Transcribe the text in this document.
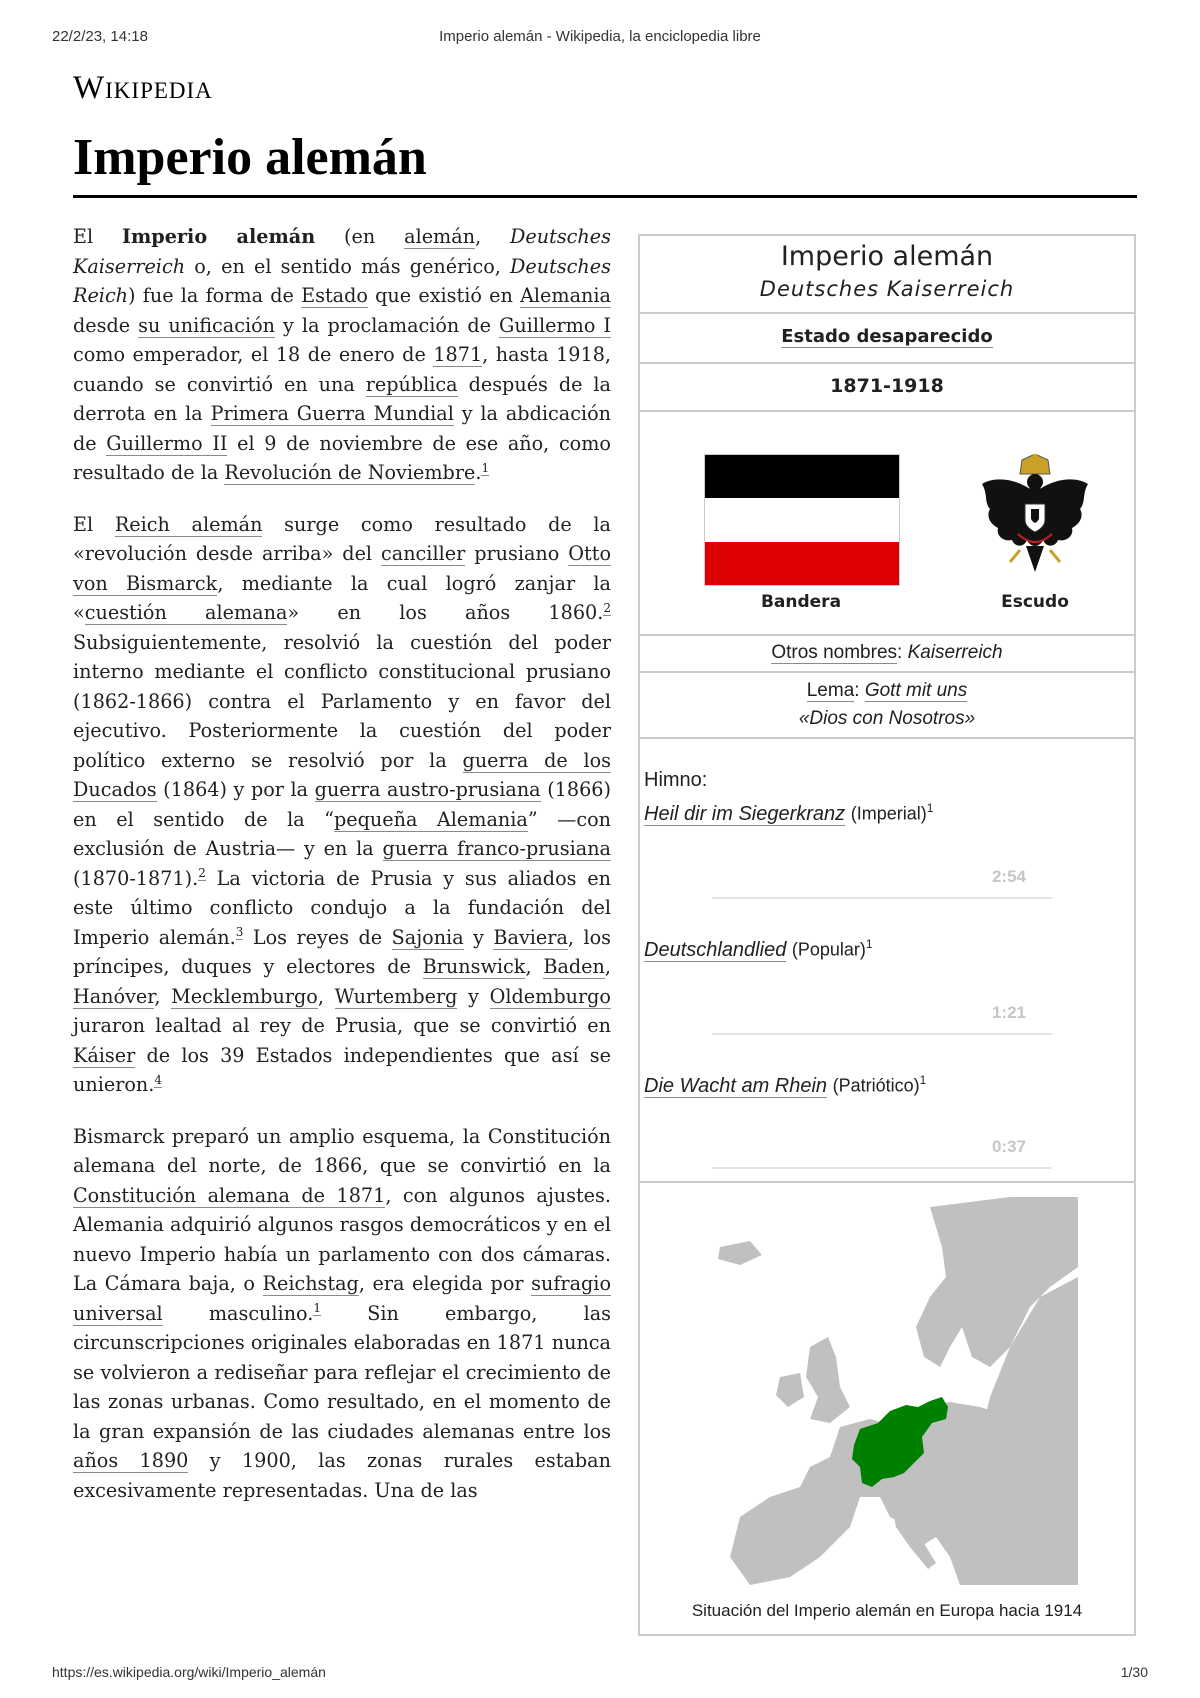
22/2/23, 14:18	Imperio alemán - Wikipedia, la enciclopedia libre
Wikipedia
Imperio alemán

El Imperio alemán (en alemán, Deutsches Kaiserreich o, en el sentido más genérico, Deutsches Reich) fue la forma de Estado que existió en Alemania desde su unificación y la proclamación de Guillermo I como emperador, el 18 de enero de 1871, hasta 1918, cuando se convirtió en una república después de la derrota en la Primera Guerra Mundial y la abdicación de Guillermo II el 9 de noviembre de ese año, como resultado de la Revolución de Noviembre.$^1$

El Reich alemán surge como resultado de la «revolución desde arriba» del canciller prusiano Otto von Bismarck, mediante la cual logró zanjar la «cuestión alemana» en los años 1860.$^2$ Subsiguientemente, resolvió la cuestión del poder interno mediante el conflicto constitucional prusiano (1862-1866) contra el Parlamento y en favor del ejecutivo. Posteriormente la cuestión del poder político externo se resolvió por la guerra de los Ducados (1864) y por la guerra austro-prusiana (1866) en el sentido de la “pequeña Alemania” —con exclusión de Austria— y en la guerra franco-prusiana (1870-1871).$^2$ La victoria de Prusia y sus aliados en este último conflicto condujo a la fundación del Imperio alemán.$^3$ Los reyes de Sajonia y Baviera, los príncipes, duques y electores de Brunswick, Baden, Hanóver, Mecklemburgo, Wurtemberg y Oldemburgo juraron lealtad al rey de Prusia, que se convirtió en Káiser de los 39 Estados independientes que así se unieron.$^4$

Bismarck preparó un amplio esquema, la Constitución alemana del norte, de 1866, que se convirtió en la Constitución alemana de 1871, con algunos ajustes. Alemania adquirió algunos rasgos democráticos y en el nuevo Imperio había un parlamento con dos cámaras. La Cámara baja, o Reichstag, era elegida por sufragio universal masculino.$^1$ Sin embargo, las circunscripciones originales elaboradas en 1871 nunca se volvieron a rediseñar para reflejar el crecimiento de las zonas urbanas. Como resultado, en el momento de la gran expansión de las ciudades alemanas entre los años 1890 y 1900, las zonas rurales estaban excesivamente representadas. Una de las

Imperio alemán
Deutsches Kaiserreich
Estado desaparecido
1871-1918
Bandera	Escudo
Otros nombres: Kaiserreich
Lema: Gott mit uns
«Dios con Nosotros»
Himno:
Heil dir im Siegerkranz (Imperial)$^1$
2:54
Deutschlandlied (Popular)$^1$
1:21
Die Wacht am Rhein (Patriótico)$^1$
0:37
Situación del Imperio alemán en Europa hacia 1914
https://es.wikipedia.org/wiki/Imperio_alemán	1/30
